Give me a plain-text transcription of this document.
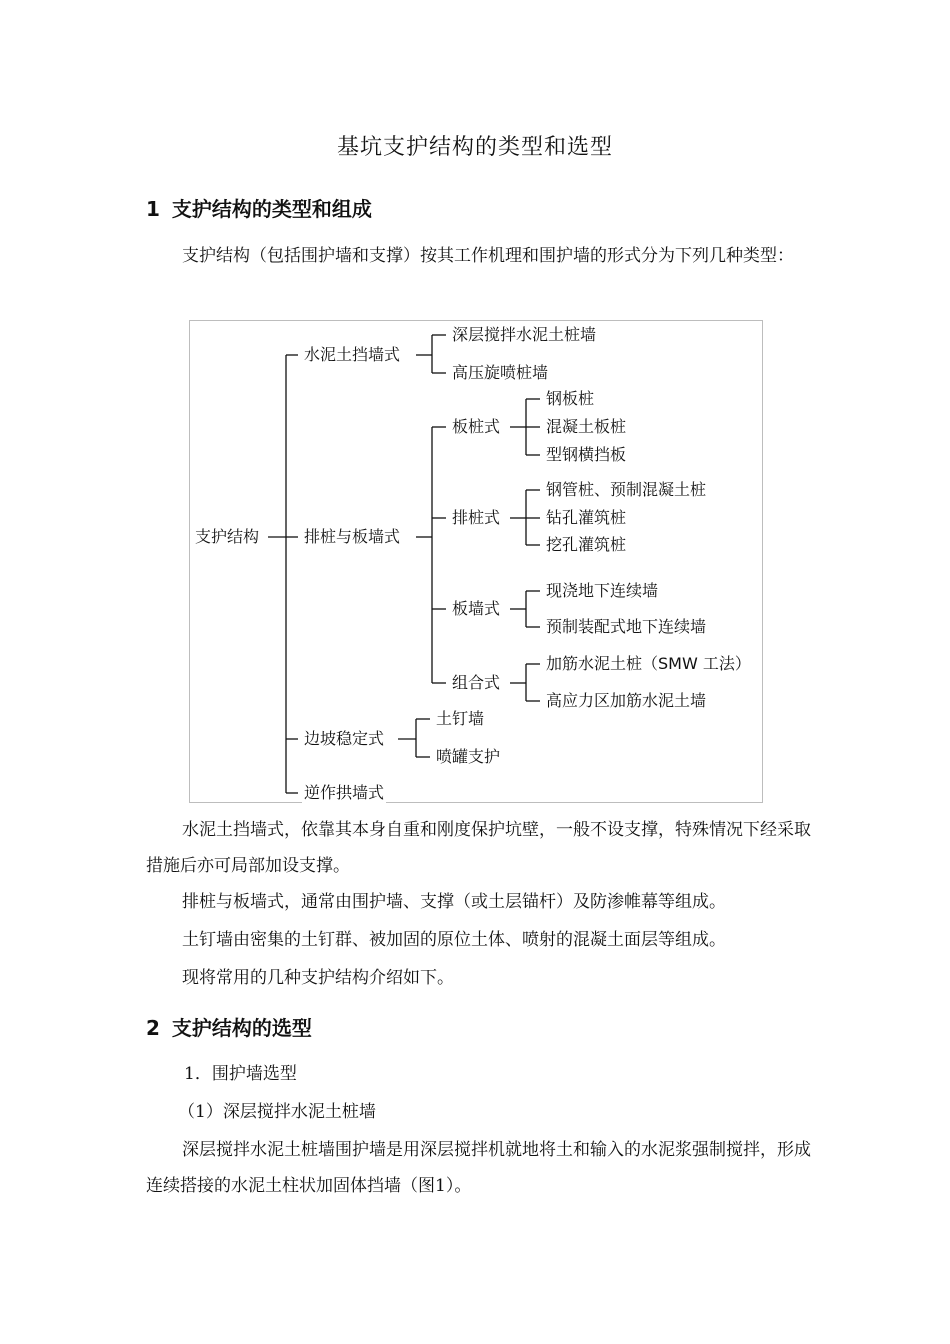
基坑支护结构的类型和选型
1 支护结构的类型和组成
支护结构（包括围护墙和支撑）按其工作机理和围护墙的形式分为下列几种类型：
支护结构
水泥土挡墙式
排桩与板墙式
边坡稳定式
逆作拱墙式
深层搅拌水泥土桩墙
高压旋喷桩墙
板桩式
排桩式
板墙式
组合式
钢板桩
混凝土板桩
型钢横挡板
钢管桩、预制混凝土桩
钻孔灌筑桩
挖孔灌筑桩
现浇地下连续墙
预制装配式地下连续墙
加筋水泥土桩（SMW 工法）
高应力区加筋水泥土墙
土钉墙
喷罐支护
水泥土挡墙式，依靠其本身自重和刚度保护坑壁，一般不设支撑，特殊情况下经采取措施后亦可局部加设支撑。
排桩与板墙式，通常由围护墙、支撑（或土层锚杆）及防渗帷幕等组成。
土钉墙由密集的土钉群、被加固的原位土体、喷射的混凝土面层等组成。
现将常用的几种支护结构介绍如下。
2 支护结构的选型
1．围护墙选型
（1）深层搅拌水泥土桩墙
深层搅拌水泥土桩墙围护墙是用深层搅拌机就地将土和输入的水泥浆强制搅拌，形成连续搭接的水泥土柱状加固体挡墙（图1）。
